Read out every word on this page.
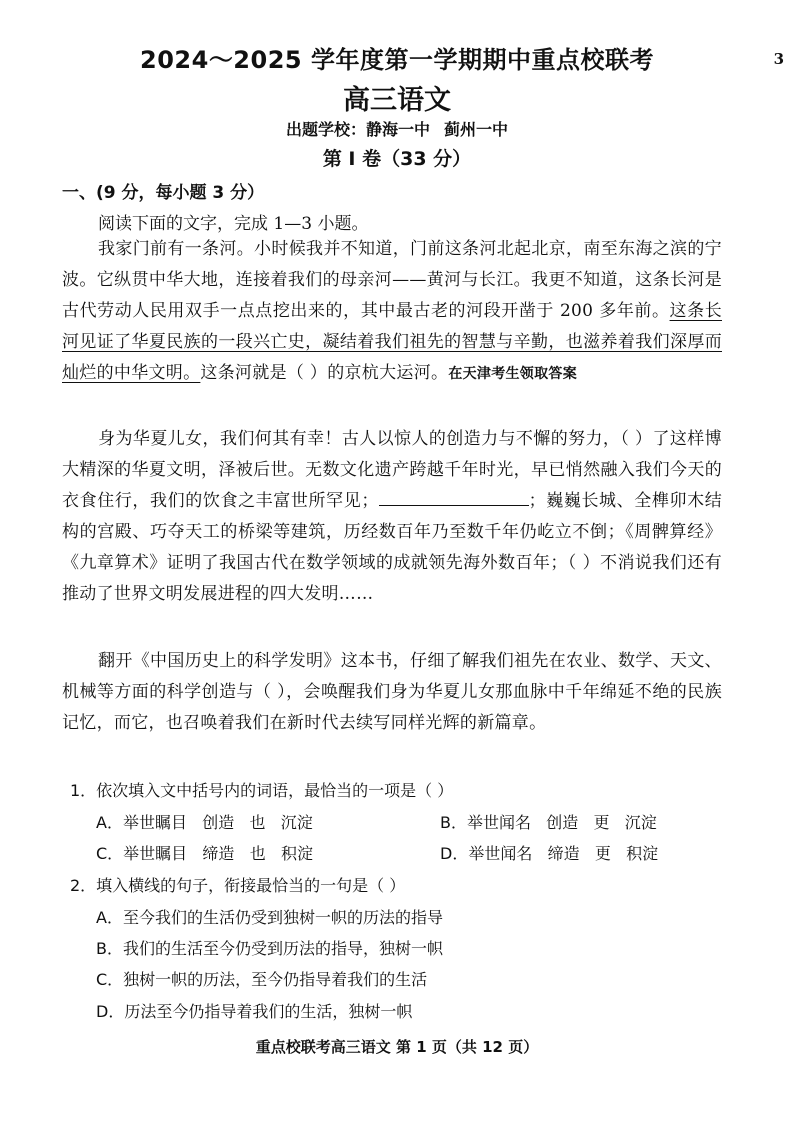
3
2024～2025 学年度第一学期期中重点校联考
高三语文
出题学校：静海一中 蓟州一中
第 Ⅰ 卷（33 分）
一、(9 分，每小题 3 分）
阅读下面的文字，完成 1—3 小题。
我家门前有一条河。小时候我并不知道，门前这条河北起北京，南至东海之滨的宁波。它纵贯中华大地，连接着我们的母亲河——黄河与长江。我更不知道，这条长河是古代劳动人民用双手一点点挖出来的，其中最古老的河段开凿于 200 多年前。这条长河见证了华夏民族的一段兴亡史，凝结着我们祖先的智慧与辛勤，也滋养着我们深厚而灿烂的中华文明。这条河就是（ ）的京杭大运河。在天津考生领取答案
身为华夏儿女，我们何其有幸！古人以惊人的创造力与不懈的努力，（ ）了这样博大精深的华夏文明，泽被后世。无数文化遗产跨越千年时光，早已悄然融入我们今天的衣食住行，我们的饮食之丰富世所罕见；	；巍巍长城、全榫卯木结构的宫殿、巧夺天工的桥梁等建筑，历经数百年乃至数千年仍屹立不倒；《周髀算经》《九章算术》证明了我国古代在数学领域的成就领先海外数百年；（ ）不消说我们还有推动了世界文明发展进程的四大发明……
翻开《中国历史上的科学发明》这本书，仔细了解我们祖先在农业、数学、天文、机械等方面的科学创造与（ ），会唤醒我们身为华夏儿女那血脉中千年绵延不绝的民族记忆，而它，也召唤着我们在新时代去续写同样光辉的新篇章。
1．依次填入文中括号内的词语，最恰当的一项是（ ）
A．举世瞩目   创造   也   沉淀	B．举世闻名   创造   更   沉淀
C．举世瞩目   缔造   也   积淀	D．举世闻名   缔造   更   积淀
2．填入横线的句子，衔接最恰当的一句是（ ）
A．至今我们的生活仍受到独树一帜的历法的指导
B．我们的生活至今仍受到历法的指导，独树一帜
C．独树一帜的历法，至今仍指导着我们的生活
D．历法至今仍指导着我们的生活，独树一帜
重点校联考高三语文 第 1 页（共 12 页）
